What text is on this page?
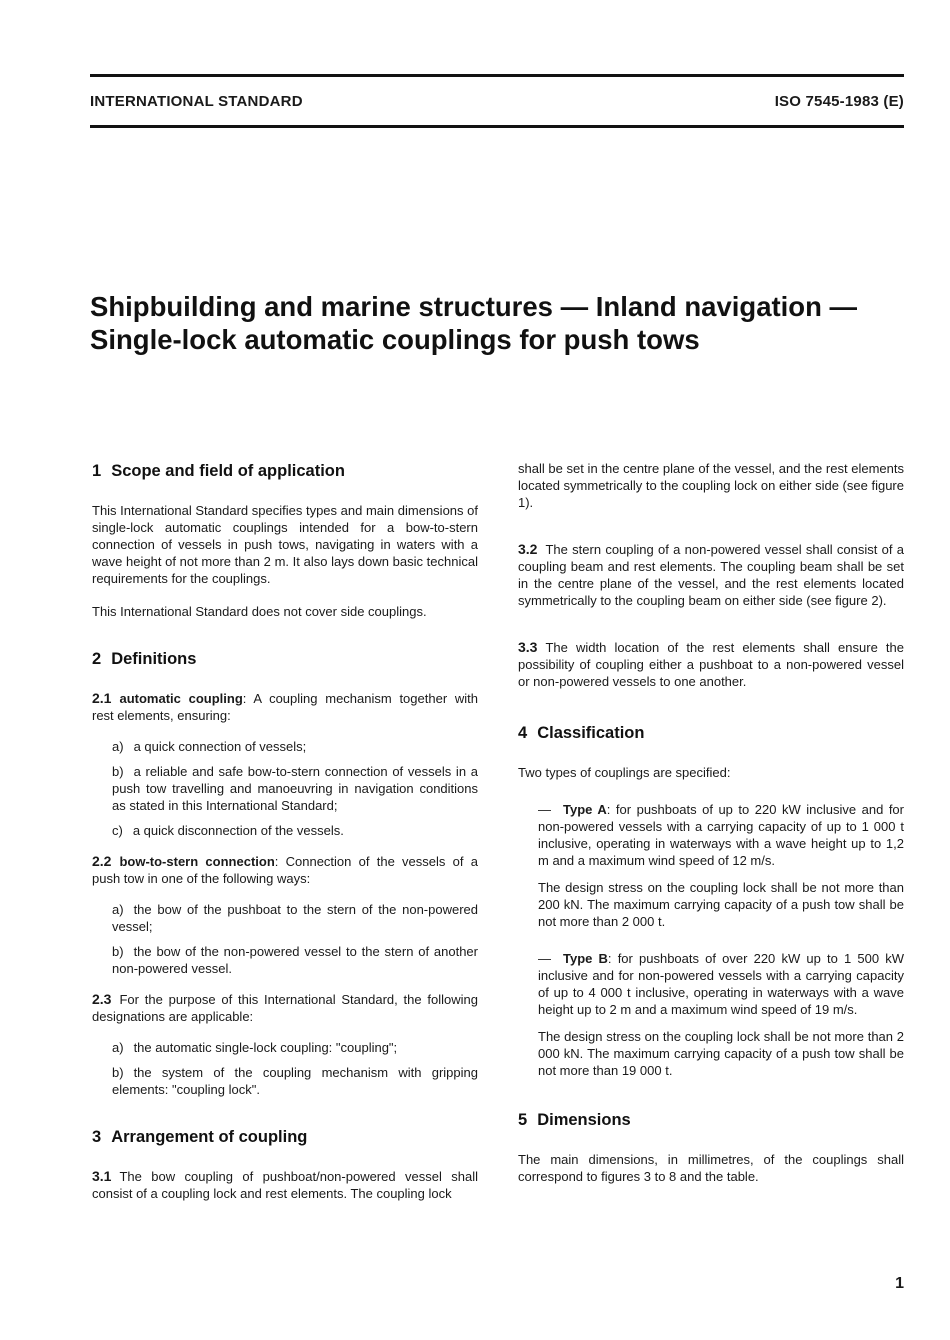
INTERNATIONAL STANDARD	ISO 7545-1983 (E)
Shipbuilding and marine structures — Inland navigation —
Single-lock automatic couplings for push tows
1 Scope and field of application

This International Standard specifies types and main dimensions of single-lock automatic couplings intended for a bow-to-stern connection of vessels in push tows, navigating in waters with a wave height of not more than 2 m. It also lays down basic technical requirements for the couplings.

This International Standard does not cover side couplings.

2 Definitions

2.1 automatic coupling: A coupling mechanism together with rest elements, ensuring:

a) a quick connection of vessels;
b) a reliable and safe bow-to-stern connection of vessels in a push tow travelling and manoeuvring in navigation conditions as stated in this International Standard;
c) a quick disconnection of the vessels.

2.2 bow-to-stern connection: Connection of the vessels of a push tow in one of the following ways:

a) the bow of the pushboat to the stern of the non-powered vessel;
b) the bow of the non-powered vessel to the stern of another non-powered vessel.

2.3 For the purpose of this International Standard, the following designations are applicable:

a) the automatic single-lock coupling: "coupling";
b) the system of the coupling mechanism with gripping elements: "coupling lock".
3 Arrangement of coupling

3.1 The bow coupling of pushboat/non-powered vessel shall consist of a coupling lock and rest elements. The coupling lock

shall be set in the centre plane of the vessel, and the rest elements located symmetrically to the coupling lock on either side (see figure 1).

3.2 The stern coupling of a non-powered vessel shall consist of a coupling beam and rest elements. The coupling beam shall be set in the centre plane of the vessel, and the rest elements located symmetrically to the coupling beam on either side (see figure 2).

3.3 The width location of the rest elements shall ensure the possibility of coupling either a pushboat to a non-powered vessel or non-powered vessels to one another.

4 Classification

Two types of couplings are specified:

— Type A: for pushboats of up to 220 kW inclusive and for non-powered vessels with a carrying capacity of up to 1 000 t inclusive, operating in waterways with a wave height up to 1,2 m and a maximum wind speed of 12 m/s.

The design stress on the coupling lock shall be not more than 200 kN. The maximum carrying capacity of a push tow shall be not more than 2 000 t.

— Type B: for pushboats of over 220 kW up to 1 500 kW inclusive and for non-powered vessels with a carrying capacity of up to 4 000 t inclusive, operating in waterways with a wave height up to 2 m and a maximum wind speed of 19 m/s.

The design stress on the coupling lock shall be not more than 2 000 kN. The maximum carrying capacity of a push tow shall be not more than 19 000 t.

5 Dimensions

The main dimensions, in millimetres, of the couplings shall correspond to figures 3 to 8 and the table.

1
